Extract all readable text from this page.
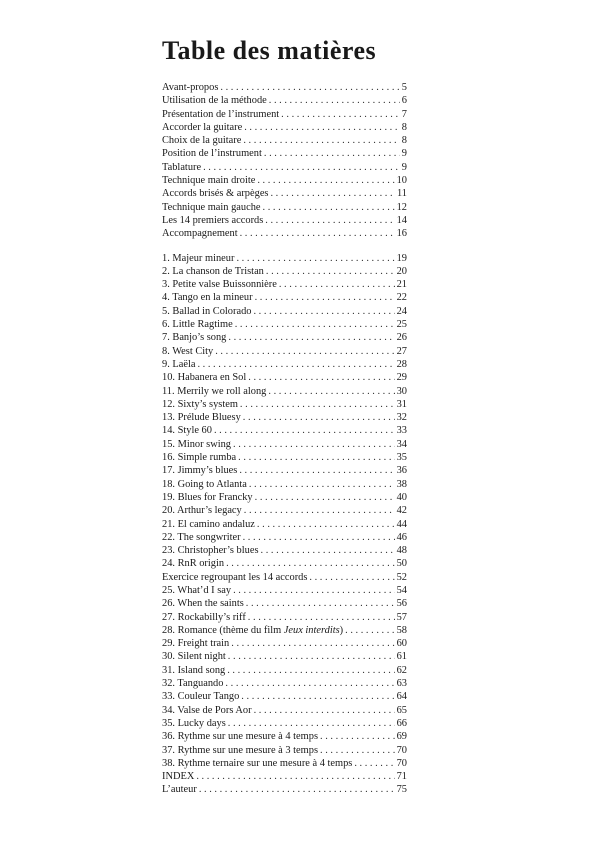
Table des matières
Avant-propos . . .	5
Utilisation de la méthode . . .	6
Présentation de l’instrument . . .	7
Accorder la guitare . . .	8
Choix de la guitare . . .	8
Position de l’instrument . . .	9
Tablature . . .	9
Technique main droite . . .	10
Accords brisés & arpèges . . .	11
Technique main gauche . . .	12
Les 14 premiers accords . . .	14
Accompagnement . . .	16
1. Majeur mineur . . .	19
2. La chanson de Tristan . . .	20
3. Petite valse Buissonnière . . .	21
4. Tango en la mineur . . .	22
5. Ballad in Colorado . . .	24
6. Little Ragtime . . .	25
7. Banjo’s song . . .	26
8. West City . . .	27
9. Laëla . . .	28
10. Habanera en Sol . . .	29
11. Merrily we roll along . . .	30
12. Sixty’s system . . .	31
13. Prélude Bluesy . . .	32
14. Style 60 . . .	33
15. Minor swing . . .	34
16. Simple rumba . . .	35
17. Jimmy’s blues . . .	36
18. Going to Atlanta . . .	38
19. Blues for Francky . . .	40
20. Arthur’s legacy . . .	42
21. El camino andaluz . . .	44
22. The songwriter . . .	46
23. Christopher’s blues . . .	48
24. RnR origin . . .	50
Exercice regroupant les 14 accords . . .	52
25. What’d I say . . .	54
26. When the saints . . .	56
27. Rockabilly’s riff . . .	57
28. Romance (thème du film Jeux interdits) . . .	58
29. Freight train . . .	60
30. Silent night . . .	61
31. Island song . . .	62
32. Tanguando . . .	63
33. Couleur Tango . . .	64
34. Valse de Pors Aor . . .	65
35. Lucky days . . .	66
36. Rythme sur une mesure à 4 temps . . .	69
37. Rythme sur une mesure à 3 temps . . .	70
38. Rythme ternaire sur une mesure à 4 temps . . .	70
INDEX . . .	71
L’auteur . . .	75
